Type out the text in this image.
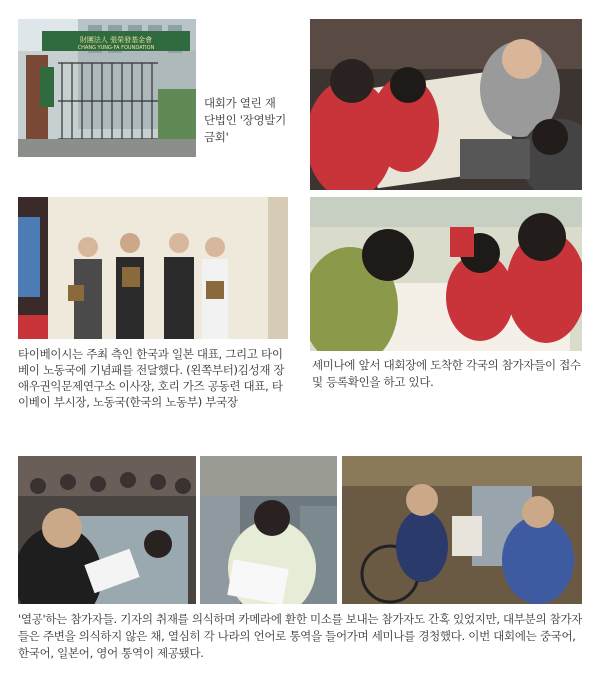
財團法人 張榮發基金會
CHANG YUNG-FA FOUNDATION
대회가 열린 재단법인 '장영발기금회'
타이베이시는 주최 측인 한국과 일본 대표, 그리고 타이베이 노동국에 기념패를 전달했다. (왼쪽부터)김성재 장애우권익문제연구소 이사장, 호리 가즈 공동련 대표, 타이베이 부시장, 노동국(한국의 노동부) 부국장
세미나에 앞서 대회장에 도착한 각국의 참가자들이 접수 및 등록확인을 하고 있다.
'열공'하는 참가자들. 기자의 취재를 의식하며 카메라에 환한 미소를 보내는 참가자도 간혹 있었지만, 대부분의 참가자들은 주변을 의식하지 않은 채, 열심히 각 나라의 언어로 통역을 들어가며 세미나를 경청했다. 이번 대회에는 중국어, 한국어, 일본어, 영어 통역이 제공됐다.
